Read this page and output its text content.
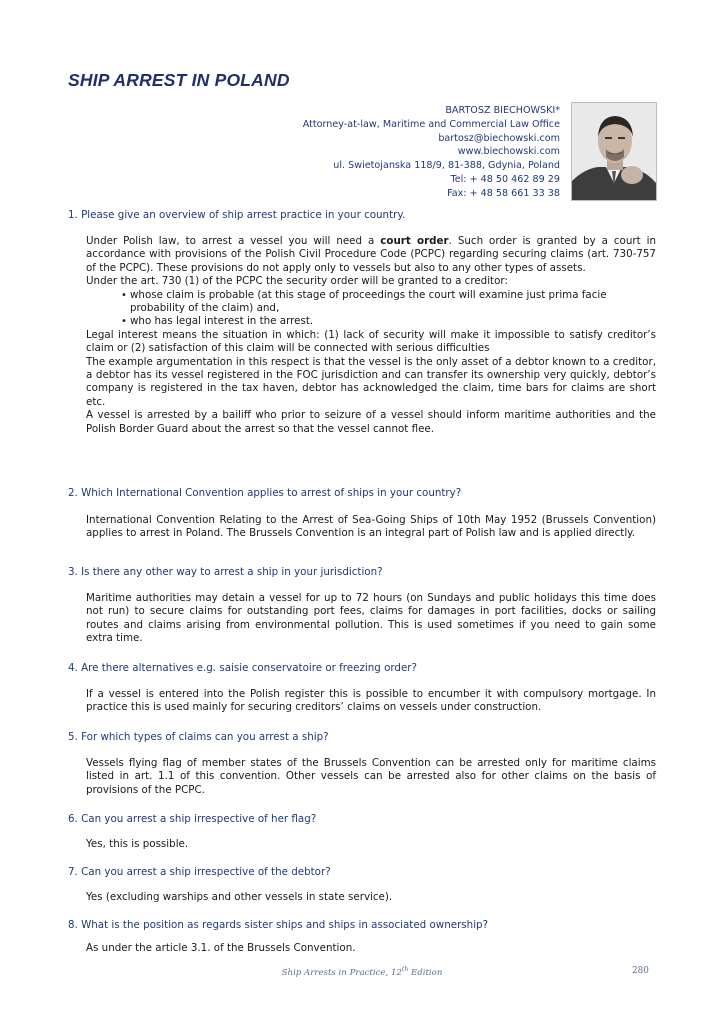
SHIP ARREST IN POLAND
BARTOSZ BIECHOWSKI*
Attorney-at-law, Maritime and Commercial Law Office
bartosz@biechowski.com
www.biechowski.com
ul. Swietojanska 118/9, 81-388, Gdynia, Poland
Tel: + 48 50 462 89 29
Fax: + 48 58 661 33 38
1. Please give an overview of ship arrest practice in your country.

Under Polish law, to arrest a vessel you will need a court order. Such order is granted by a court in accordance with provisions of the Polish Civil Procedure Code (PCPC) regarding securing claims (art. 730-757 of the PCPC). These provisions do not apply only to vessels but also to any other types of assets.

Under the art. 730 (1) of the PCPC the security order will be granted to a creditor:

• whose claim is probable (at this stage of proceedings the court will examine just prima facie probability of the claim) and,
• who has legal interest in the arrest.

Legal interest means the situation in which: (1) lack of security will make it impossible to satisfy creditor’s claim or (2) satisfaction of this claim will be connected with serious difficulties

The example argumentation in this respect is that the vessel is the only asset of a debtor known to a creditor, a debtor has its vessel registered in the FOC jurisdiction and can transfer its ownership very quickly, debtor’s company is registered in the tax haven, debtor has acknowledged the claim, time bars for claims are short etc.

A vessel is arrested by a bailiff who prior to seizure of a vessel should inform maritime authorities and the Polish Border Guard about the arrest so that the vessel cannot flee.

2. Which International Convention applies to arrest of ships in your country?
International Convention Relating to the Arrest of Sea-Going Ships of 10th May 1952 (Brussels Convention) applies to arrest in Poland. The Brussels Convention is an integral part of Polish law and is applied directly.
3. Is there any other way to arrest a ship in your jurisdiction?
Maritime authorities may detain a vessel for up to 72 hours (on Sundays and public holidays this time does not run) to secure claims for outstanding port fees, claims for damages in port facilities, docks or sailing routes and claims arising from environmental pollution. This is used sometimes if you need to gain some extra time.
4. Are there alternatives e.g. saisie conservatoire or freezing order?
If a vessel is entered into the Polish register this is possible to encumber it with compulsory mortgage. In practice this is used mainly for securing creditors’ claims on vessels under construction.
5. For which types of claims can you arrest a ship?
Vessels flying flag of member states of the Brussels Convention can be arrested only for maritime claims listed in art. 1.1 of this convention. Other vessels can be arrested also for other claims on the basis of provisions of the PCPC.
6. Can you arrest a ship irrespective of her flag?
Yes, this is possible.
7. Can you arrest a ship irrespective of the debtor?
Yes (excluding warships and other vessels in state service).
8. What is the position as regards sister ships and ships in associated ownership?
As under the article 3.1. of the Brussels Convention.
Ship Arrests in Practice, 12th Edition	280
